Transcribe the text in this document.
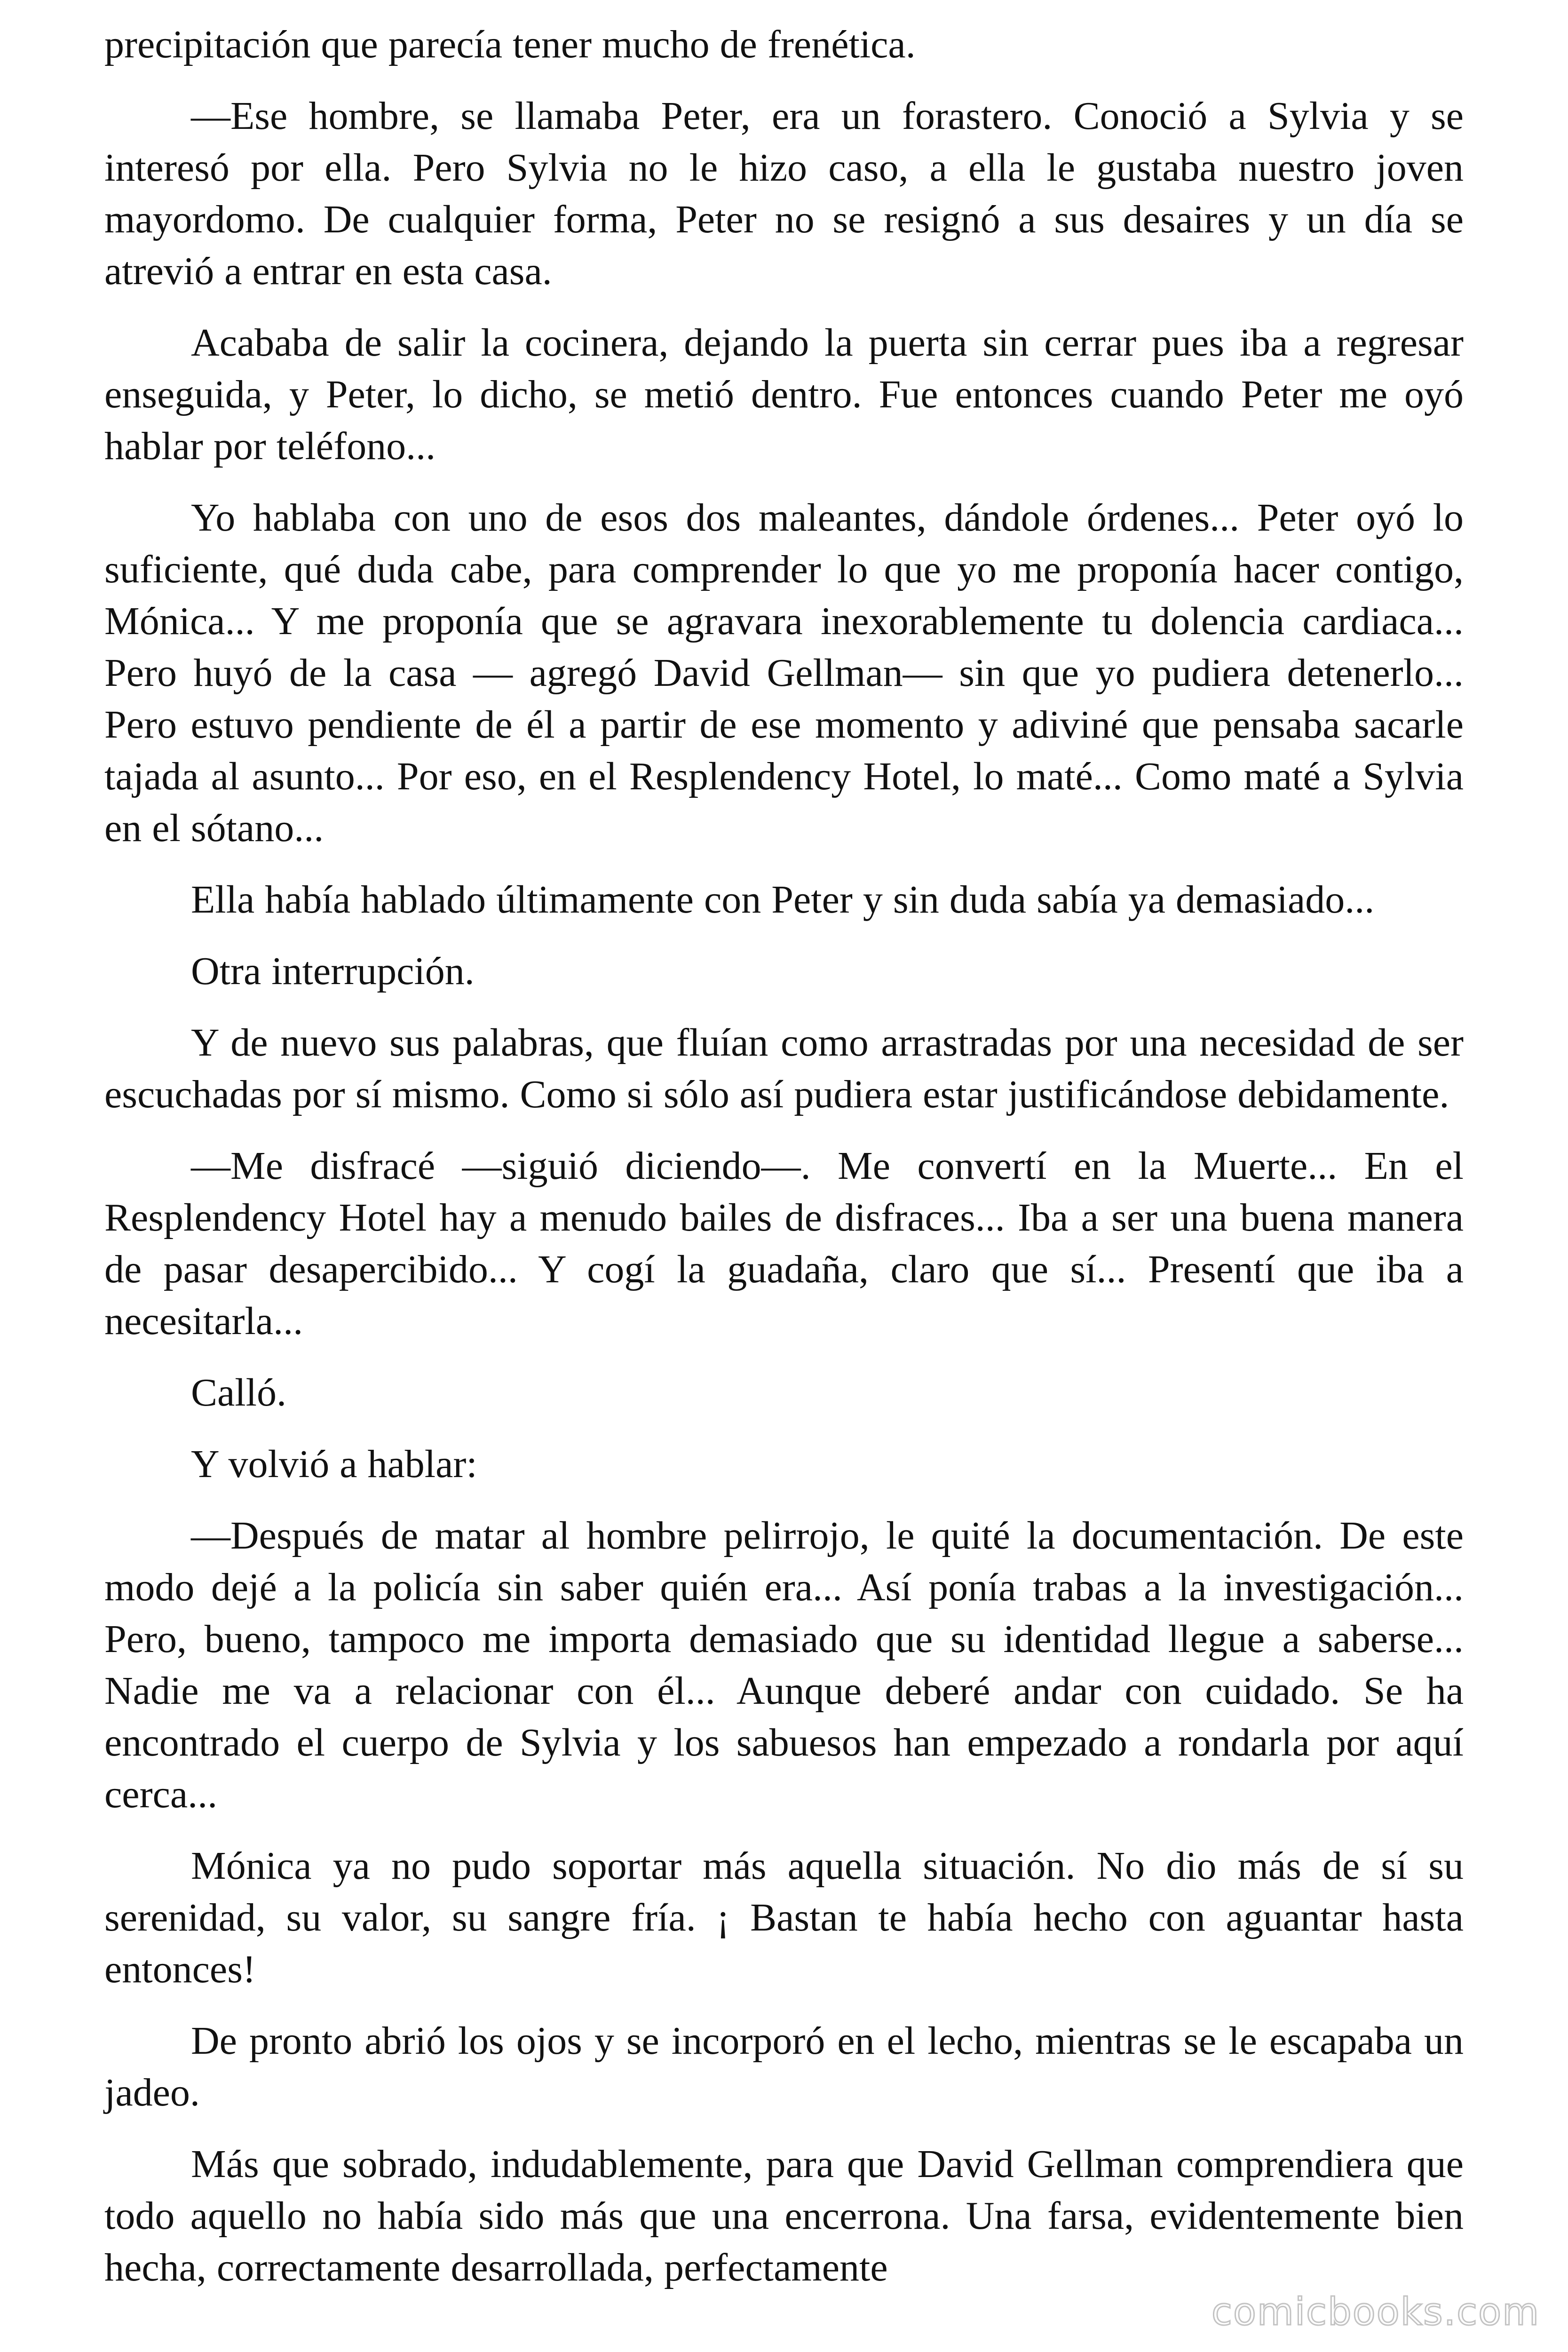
precipitación que parecía tener mucho de frenética.

—Ese hombre, se llamaba Peter, era un forastero. Conoció a Sylvia y se interesó por ella. Pero Sylvia no le hizo caso, a ella le gustaba nuestro joven mayordomo. De cualquier forma, Peter no se resignó a sus desaires y un día se atrevió a entrar en esta casa.

Acababa de salir la cocinera, dejando la puerta sin cerrar pues iba a regresar enseguida, y Peter, lo dicho, se metió dentro. Fue entonces cuando Peter me oyó hablar por teléfono...

Yo hablaba con uno de esos dos maleantes, dándole órdenes... Peter oyó lo suficiente, qué duda cabe, para comprender lo que yo me proponía hacer contigo, Mónica... Y me proponía que se agravara inexorablemente tu dolencia cardiaca... Pero huyó de la casa — agregó David Gellman— sin que yo pudiera detenerlo... Pero estuvo pendiente de él a partir de ese momento y adiviné que pensaba sacarle tajada al asunto... Por eso, en el Resplendency Hotel, lo maté... Como maté a Sylvia en el sótano...

Ella había hablado últimamente con Peter y sin duda sabía ya demasiado...

Otra interrupción.

Y de nuevo sus palabras, que fluían como arrastradas por una necesidad de ser escuchadas por sí mismo. Como si sólo así pudiera estar justificándose debidamente.

—Me disfracé —siguió diciendo—. Me convertí en la Muerte... En el Resplendency Hotel hay a menudo bailes de disfraces... Iba a ser una buena manera de pasar desapercibido... Y cogí la guadaña, claro que sí... Presentí que iba a necesitarla...

Calló.

Y volvió a hablar:

—Después de matar al hombre pelirrojo, le quité la documentación. De este modo dejé a la policía sin saber quién era... Así ponía trabas a la investigación... Pero, bueno, tampoco me importa demasiado que su identidad llegue a saberse... Nadie me va a relacionar con él... Aunque deberé andar con cuidado. Se ha encontrado el cuerpo de Sylvia y los sabuesos han empezado a rondarla por aquí cerca...

Mónica ya no pudo soportar más aquella situación. No dio más de sí su serenidad, su valor, su sangre fría. ¡ Bastan te había hecho con aguantar hasta entonces!

De pronto abrió los ojos y se incorporó en el lecho, mientras se le escapaba un jadeo.

Más que sobrado, indudablemente, para que David Gellman comprendiera que todo aquello no había sido más que una encerrona. Una farsa, evidentemente bien hecha, correctamente desarrollada, perfectamente

comicbooks.com
